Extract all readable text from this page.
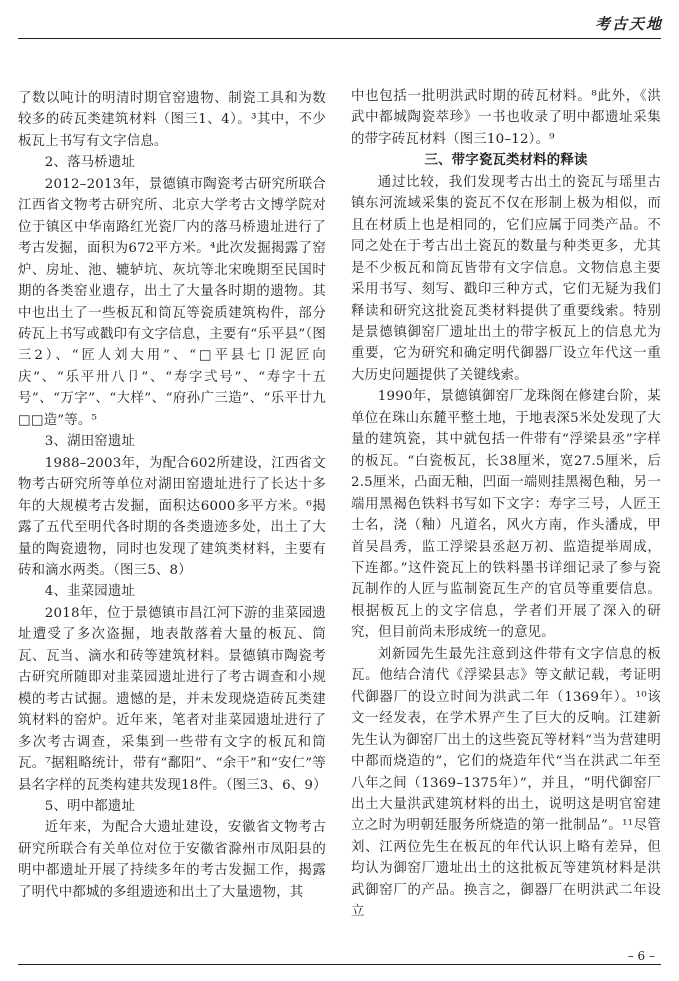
考古天地

了数以吨计的明清时期官窑遗物、制瓷工具和为数较多的砖瓦类建筑材料（图三1、4）。³其中，不少板瓦上书写有文字信息。

2、落马桥遗址

2012–2013年，景德镇市陶瓷考古研究所联合江西省文物考古研究所、北京大学考古文博学院对位于镇区中华南路红光瓷厂内的落马桥遗址进行了考古发掘，面积为672平方米。⁴此次发掘揭露了窑炉、房址、池、辘轳坑、灰坑等北宋晚期至民国时期的各类窑业遗存，出土了大量各时期的遗物。其中也出土了一些板瓦和筒瓦等瓷质建筑构件，部分砖瓦上书写或戳印有文字信息，主要有“乐平县”（图三2）、“匠人刘大用”、“□平县七卩泥匠向庆”、“乐平卅八卩”、“寿字弍号”、“寿字十五号”、“万字”、“大样”、“府孙广三造”、“乐平廿九□□造”等。⁵

3、湖田窑遗址

1988–2003年，为配合602所建设，江西省文物考古研究所等单位对湖田窑遗址进行了长达十多年的大规模考古发掘，面积达6000多平方米。⁶揭露了五代至明代各时期的各类遗迹多处，出土了大量的陶瓷遗物，同时也发现了建筑类材料，主要有砖和滴水两类。（图三5、8）

4、韭菜园遗址

2018年，位于景德镇市昌江河下游的韭菜园遗址遭受了多次盗掘，地表散落着大量的板瓦、筒瓦、瓦当、滴水和砖等建筑材料。景德镇市陶瓷考古研究所随即对韭菜园遗址进行了考古调查和小规模的考古试掘。遗憾的是，并未发现烧造砖瓦类建筑材料的窑炉。近年来，笔者对韭菜园遗址进行了多次考古调查，采集到一些带有文字的板瓦和筒瓦。⁷据粗略统计，带有“鄱阳”、“余干”和“安仁”等县名字样的瓦类构建共发现18件。（图三3、6、9）

5、明中都遗址

近年来，为配合大遗址建设，安徽省文物考古研究所联合有关单位对位于安徽省滁州市凤阳县的明中都遗址开展了持续多年的考古发掘工作，揭露了明代中都城的多组遗迹和出土了大量遗物，其

中也包括一批明洪武时期的砖瓦材料。⁸此外，《洪武中都城陶瓷萃珍》一书也收录了明中都遗址采集的带字砖瓦材料（图三10–12）。⁹

三、带字瓷瓦类材料的释读

通过比较，我们发现考古出土的瓷瓦与瑶里古镇东河流域采集的瓷瓦不仅在形制上极为相似，而且在材质上也是相同的，它们应属于同类产品。不同之处在于考古出土瓷瓦的数量与种类更多，尤其是不少板瓦和筒瓦皆带有文字信息。文物信息主要采用书写、刻写、戳印三种方式，它们无疑为我们释读和研究这批瓷瓦类材料提供了重要线索。特别是景德镇御窑厂遗址出土的带字板瓦上的信息尤为重要，它为研究和确定明代御器厂设立年代这一重大历史问题提供了关键线索。

1990年，景德镇御窑厂龙珠阁在修建台阶，某单位在珠山东麓平整土地，于地表深5米处发现了大量的建筑瓷，其中就包括一件带有“浮梁县丞”字样的板瓦。“白瓷板瓦，长38厘米，宽27.5厘米，后2.5厘米，凸面无釉，凹面一端则挂黑褐色釉，另一端用黑褐色铁料书写如下文字：寿字三号，人匠王士名，浇（釉）凡道名，风火方南，作头潘成，甲首吴昌秀，监工浮梁县丞赵万初、监造提举周成，下连都。”这件瓷瓦上的铁料墨书详细记录了参与瓷瓦制作的人匠与监制瓷瓦生产的官员等重要信息。根据板瓦上的文字信息，学者们开展了深入的研究，但目前尚未形成统一的意见。

刘新园先生最先注意到这件带有文字信息的板瓦。他结合清代《浮梁县志》等文献记载，考证明代御器厂的设立时间为洪武二年（1369年）。¹⁰该文一经发表，在学术界产生了巨大的反响。江建新先生认为御窑厂出土的这些瓷瓦等材料“当为营建明中都而烧造的”，它们的烧造年代“当在洪武二年至八年之间（1369–1375年）”，并且，“明代御窑厂出土大量洪武建筑材料的出土，说明这是明官窑建立之时为明朝廷服务所烧造的第一批制品”。¹¹尽管刘、江两位先生在板瓦的年代认识上略有差异，但均认为御窑厂遗址出土的这批板瓦等建筑材料是洪武御窑厂的产品。换言之，御器厂在明洪武二年设立

– 6 –
